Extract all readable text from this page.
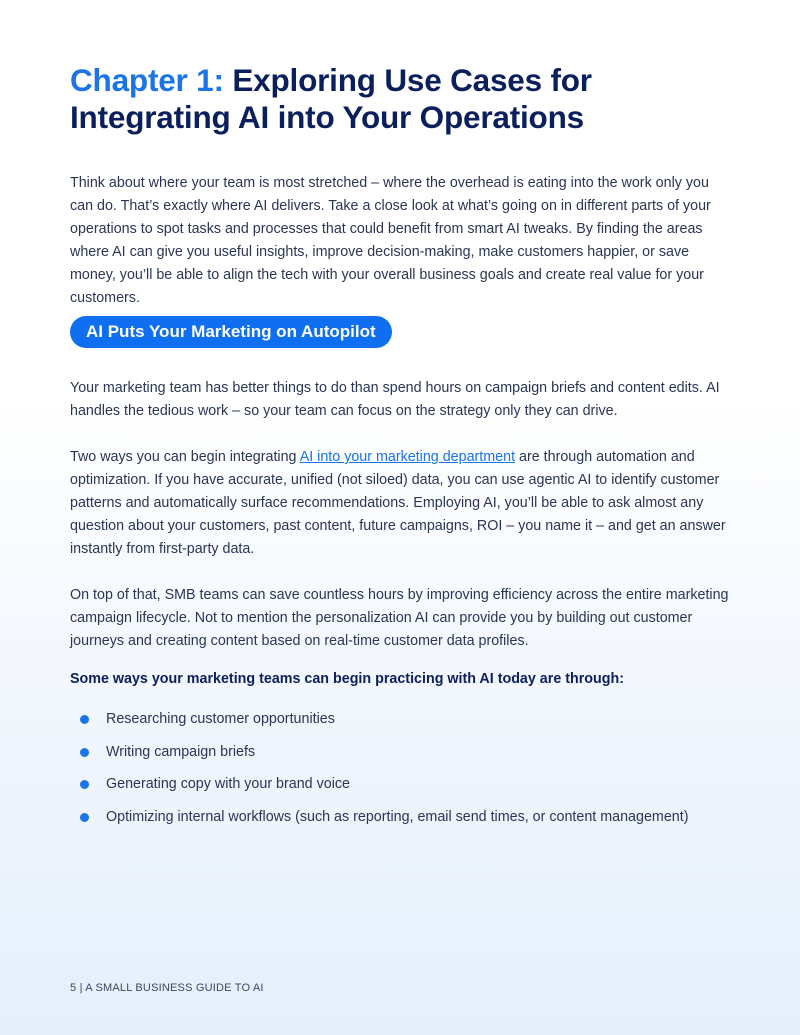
Chapter 1: Exploring Use Cases for Integrating AI into Your Operations

Think about where your team is most stretched – where the overhead is eating into the work only you can do. That’s exactly where AI delivers. Take a close look at what’s going on in different parts of your operations to spot tasks and processes that could benefit from smart AI tweaks. By finding the areas where AI can give you useful insights, improve decision-making, make customers happier, or save money, you’ll be able to align the tech with your overall business goals and create real value for your customers.

AI Puts Your Marketing on Autopilot

Your marketing team has better things to do than spend hours on campaign briefs and content edits. AI handles the tedious work – so your team can focus on the strategy only they can drive.

Two ways you can begin integrating AI into your marketing department are through automation and optimization. If you have accurate, unified (not siloed) data, you can use agentic AI to identify customer patterns and automatically surface recommendations. Employing AI, you’ll be able to ask almost any question about your customers, past content, future campaigns, ROI – you name it – and get an answer instantly from first-party data.

On top of that, SMB teams can save countless hours by improving efficiency across the entire marketing campaign lifecycle. Not to mention the personalization AI can provide you by building out customer journeys and creating content based on real-time customer data profiles.

Some ways your marketing teams can begin practicing with AI today are through:

Researching customer opportunities
Writing campaign briefs
Generating copy with your brand voice
Optimizing internal workflows (such as reporting, email send times, or content management)
5 | A SMALL BUSINESS GUIDE TO AI
